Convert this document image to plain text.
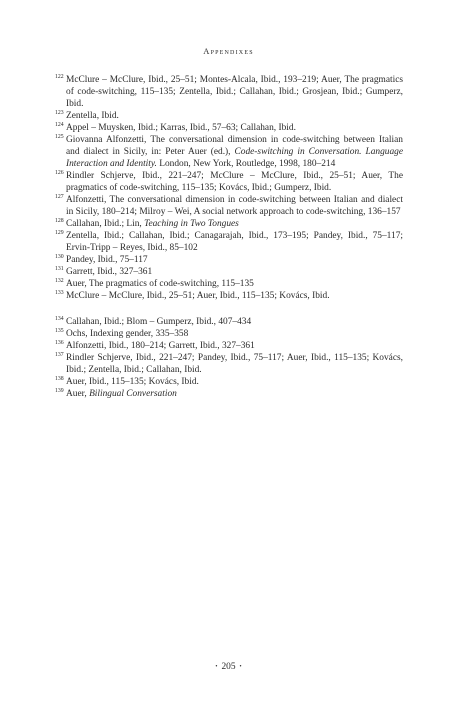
Appendixes
122 McClure – McClure, Ibid., 25–51; Montes-Alcala, Ibid., 193–219; Auer, The pragmatics of code-switching, 115–135; Zentella, Ibid.; Callahan, Ibid.; Grosjean, Ibid.; Gumperz, Ibid.
123 Zentella, Ibid.
124 Appel – Muysken, Ibid.; Karras, Ibid., 57–63; Callahan, Ibid.
125 Giovanna Alfonzetti, The conversational dimension in code-switching between Italian and dialect in Sicily, in: Peter Auer (ed.), Code-switching in Conversation. Language Interaction and Identity. London, New York, Routledge, 1998, 180–214
126 Rindler Schjerve, Ibid., 221–247; McClure – McClure, Ibid., 25–51; Auer, The pragmatics of code-switching, 115–135; Kovács, Ibid.; Gumperz, Ibid.
127 Alfonzetti, The conversational dimension in code-switching between Italian and dialect in Sicily, 180–214; Milroy – Wei, A social network approach to code-switching, 136–157
128 Callahan, Ibid.; Lin, Teaching in Two Tongues
129 Zentella, Ibid.; Callahan, Ibid.; Canagarajah, Ibid., 173–195; Pandey, Ibid., 75–117; Ervin-Tripp – Reyes, Ibid., 85–102
130 Pandey, Ibid., 75–117
131 Garrett, Ibid., 327–361
132 Auer, The pragmatics of code-switching, 115–135
133 McClure – McClure, Ibid., 25–51; Auer, Ibid., 115–135; Kovács, Ibid.
134 Callahan, Ibid.; Blom – Gumperz, Ibid., 407–434
135 Ochs, Indexing gender, 335–358
136 Alfonzetti, Ibid., 180–214; Garrett, Ibid., 327–361
137 Rindler Schjerve, Ibid., 221–247; Pandey, Ibid., 75–117; Auer, Ibid., 115–135; Kovács, Ibid.; Zentella, Ibid.; Callahan, Ibid.
138 Auer, Ibid., 115–135; Kovács, Ibid.
139 Auer, Bilingual Conversation
• 205 •
